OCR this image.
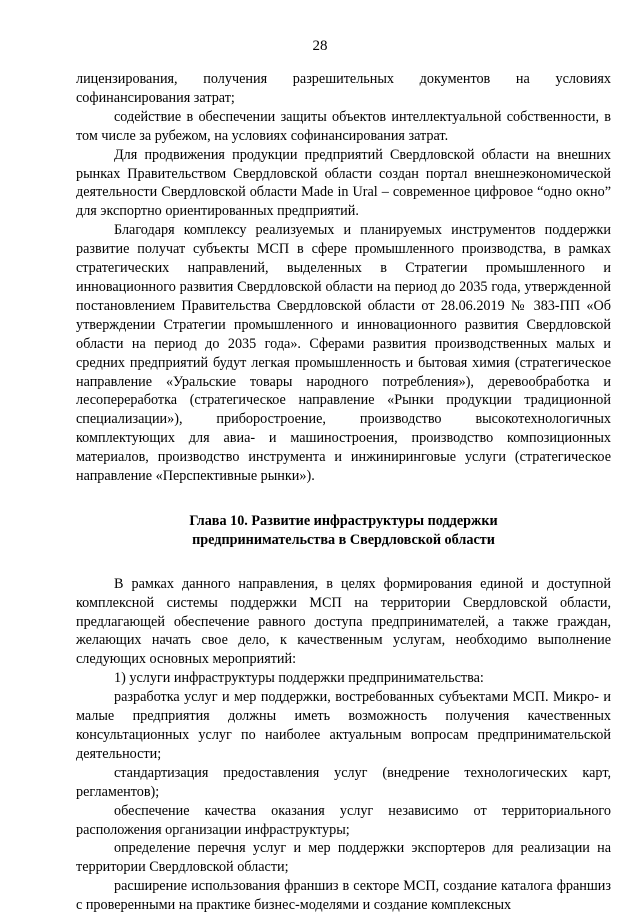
28

лицензирования, получения разрешительных документов на условиях софинансирования затрат;

содействие в обеспечении защиты объектов интеллектуальной собственности, в том числе за рубежом, на условиях софинансирования затрат.

Для продвижения продукции предприятий Свердловской области на внешних рынках Правительством Свердловской области создан портал внешнеэкономической деятельности Свердловской области Made in Ural – современное цифровое “одно окно” для экспортно ориентированных предприятий.

Благодаря комплексу реализуемых и планируемых инструментов поддержки развитие получат субъекты МСП в сфере промышленного производства, в рамках стратегических направлений, выделенных в Стратегии промышленного и инновационного развития Свердловской области на период до 2035 года, утвержденной постановлением Правительства Свердловской области от 28.06.2019 № 383-ПП «Об утверждении Стратегии промышленного и инновационного развития Свердловской области на период до 2035 года». Сферами развития производственных малых и средних предприятий будут легкая промышленность и бытовая химия (стратегическое направление «Уральские товары народного потребления»), деревообработка и лесопереработка (стратегическое направление «Рынки продукции традиционной специализации»), приборостроение, производство высокотехнологичных комплектующих для авиа- и машиностроения, производство композиционных материалов, производство инструмента и инжиниринговые услуги (стратегическое направление «Перспективные рынки»).

Глава 10. Развитие инфраструктуры поддержки
предпринимательства в Свердловской области

В рамках данного направления, в целях формирования единой и доступной комплексной системы поддержки МСП на территории Свердловской области, предлагающей обеспечение равного доступа предпринимателей, а также граждан, желающих начать свое дело, к качественным услугам, необходимо выполнение следующих основных мероприятий:

1) услуги инфраструктуры поддержки предпринимательства:

разработка услуг и мер поддержки, востребованных субъектами МСП. Микро- и малые предприятия должны иметь возможность получения качественных консультационных услуг по наиболее актуальным вопросам предпринимательской деятельности;

стандартизация предоставления услуг (внедрение технологических карт, регламентов);

обеспечение качества оказания услуг независимо от территориального расположения организации инфраструктуры;

определение перечня услуг и мер поддержки экспортеров для реализации на территории Свердловской области;

расширение использования франшиз в секторе МСП, создание каталога франшиз с проверенными на практике бизнес-моделями и создание комплексных
